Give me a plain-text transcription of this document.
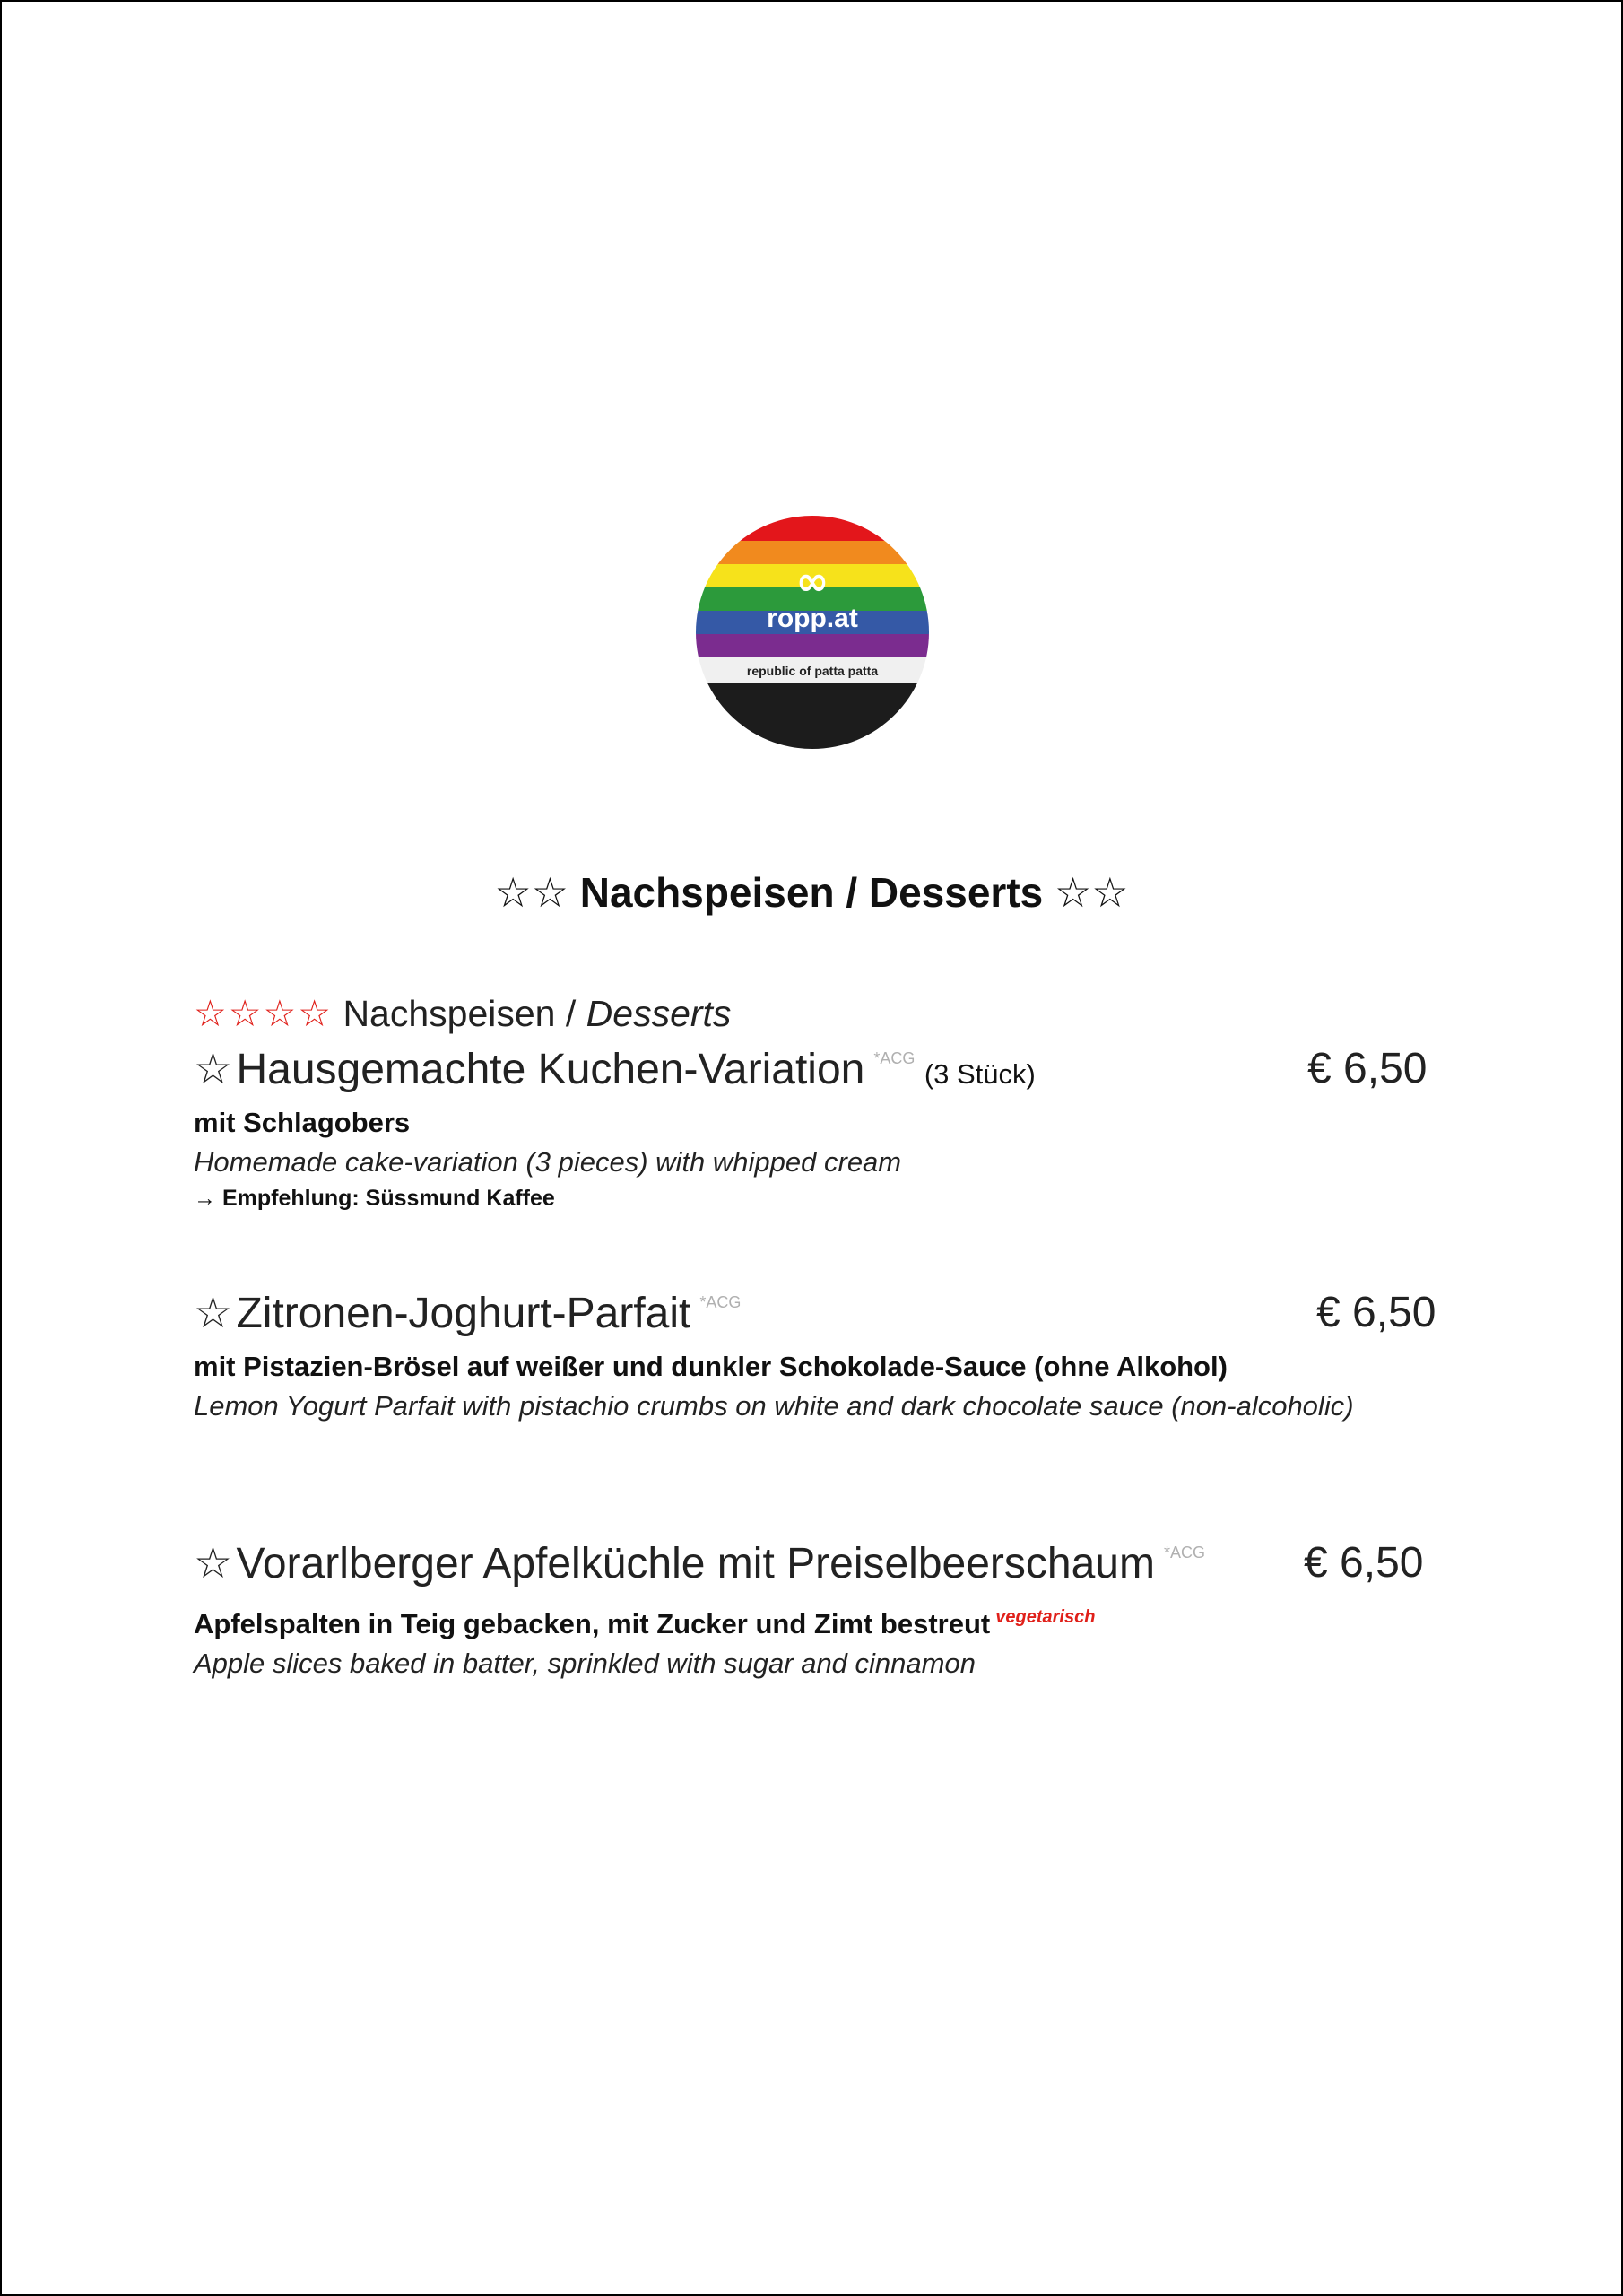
∞
ropp.at
republic of patta patta
☆☆ Nachspeisen / Desserts ☆☆
☆☆☆☆ Nachspeisen / Desserts
☆ Hausgemachte Kuchen-Variation *ACG (3 Stück)	€ 6,50
mit Schlagobers
Homemade cake-variation (3 pieces) with whipped cream
→ Empfehlung: Süssmund Kaffee
☆ Zitronen-Joghurt-Parfait *ACG	€ 6,50
mit Pistazien-Brösel auf weißer und dunkler Schokolade-Sauce (ohne Alkohol)
Lemon Yogurt Parfait with pistachio crumbs on white and dark chocolate sauce (non-alcoholic)
☆ Vorarlberger Apfelküchle mit Preiselbeerschaum *ACG € 6,50
Apfelspalten in Teig gebacken, mit Zucker und Zimt bestreut $^{vegetarisch}$
Apple slices baked in batter, sprinkled with sugar and cinnamon
